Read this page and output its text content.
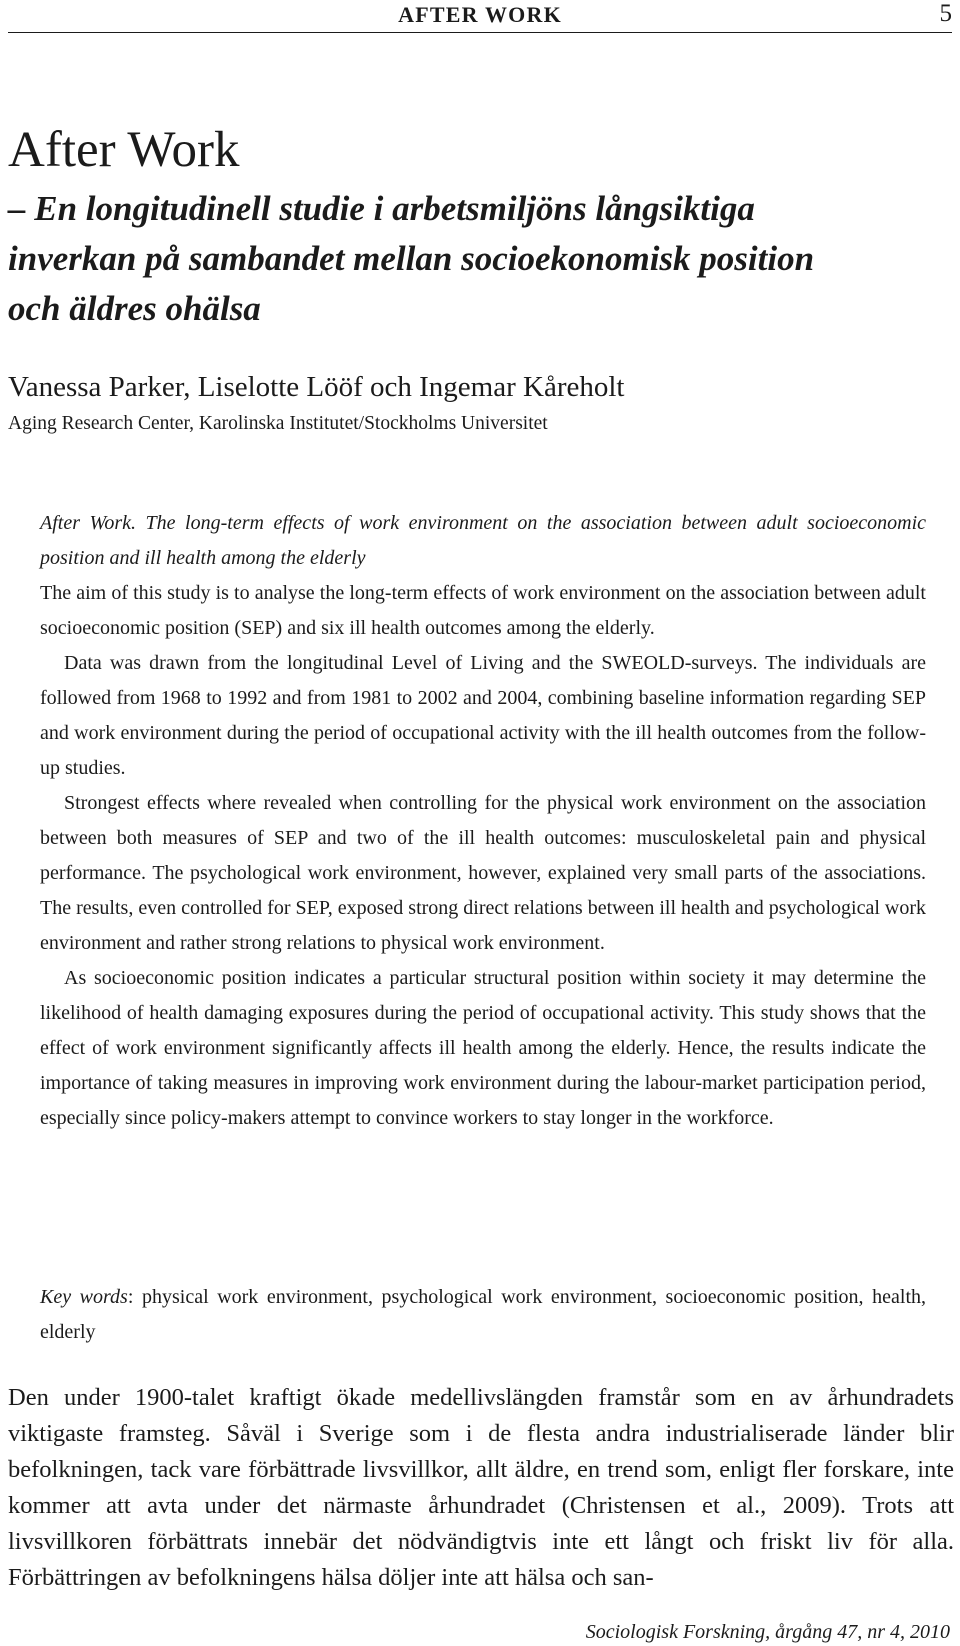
AFTER WORK	5
After Work
– En longitudinell studie i arbetsmiljöns långsiktiga
inverkan på sambandet mellan socioekonomisk position
och äldres ohälsa
Vanessa Parker, Liselotte Lööf och Ingemar Kåreholt
Aging Research Center, Karolinska Institutet/Stockholms Universitet

After Work. The long-term effects of work environment on the association between adult socioeconomic position and ill health among the elderly

The aim of this study is to analyse the long-term effects of work environment on the association between adult socioeconomic position (SEP) and six ill health outcomes among the elderly.

Data was drawn from the longitudinal Level of Living and the SWEOLD-surveys. The individuals are followed from 1968 to 1992 and from 1981 to 2002 and 2004, combining baseline information regarding SEP and work environment during the period of occupational activity with the ill health outcomes from the follow-up studies.

Strongest effects where revealed when controlling for the physical work environment on the association between both measures of SEP and two of the ill health outcomes: musculoskeletal pain and physical performance. The psychological work environment, however, explained very small parts of the associations. The results, even controlled for SEP, exposed strong direct relations between ill health and psychological work environment and rather strong relations to physical work environment.

As socioeconomic position indicates a particular structural position within society it may determine the likelihood of health damaging exposures during the period of occupational activity. This study shows that the effect of work environment significantly affects ill health among the elderly. Hence, the results indicate the importance of taking measures in improving work environment during the labour-market participation period, especially since policy-makers attempt to convince workers to stay longer in the workforce.

Key words: physical work environment, psychological work environment, socioeconomic position, health, elderly

Den under 1900-talet kraftigt ökade medellivslängden framstår som en av århundradets viktigaste framsteg. Såväl i Sverige som i de flesta andra industrialiserade länder blir befolkningen, tack vare förbättrade livsvillkor, allt äldre, en trend som, enligt fler forskare, inte kommer att avta under det närmaste århundradet (Christensen et al., 2009). Trots att livsvillkoren förbättrats innebär det nödvändigtvis inte ett långt och friskt liv för alla. Förbättringen av befolkningens hälsa döljer inte att hälsa och san-

Sociologisk Forskning, årgång 47, nr 4, 2010
